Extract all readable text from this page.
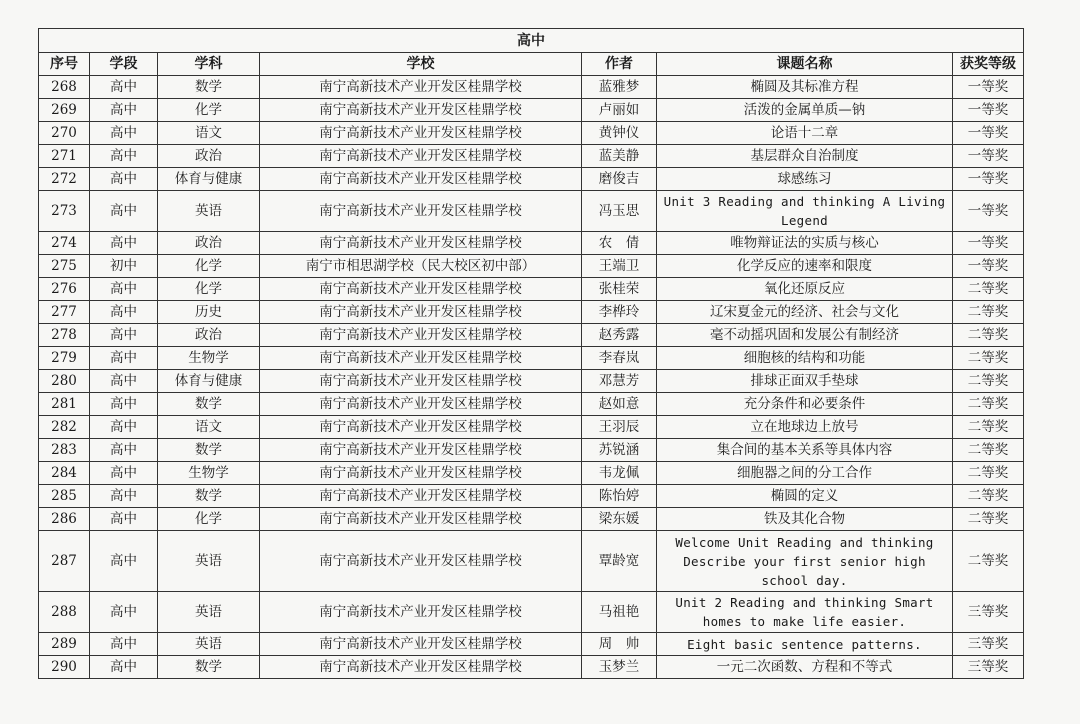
高中						
序号	学段	学科	学校	作者	课题名称	获奖等级
268	高中	数学	南宁高新技术产业开发区桂鼎学校	蓝雅梦	椭圆及其标准方程	一等奖
269	高中	化学	南宁高新技术产业开发区桂鼎学校	卢丽如	活泼的金属单质—钠	一等奖
270	高中	语文	南宁高新技术产业开发区桂鼎学校	黄钟仪	论语十二章	一等奖
271	高中	政治	南宁高新技术产业开发区桂鼎学校	蓝美静	基层群众自治制度	一等奖
272	高中	体育与健康	南宁高新技术产业开发区桂鼎学校	磨俊吉	球感练习	一等奖
273	高中	英语	南宁高新技术产业开发区桂鼎学校	冯玉思	Unit 3 Reading and thinking A Living Legend	一等奖
274	高中	政治	南宁高新技术产业开发区桂鼎学校	农　倩	唯物辩证法的实质与核心	一等奖
275	初中	化学	南宁市相思湖学校（民大校区初中部）	王端卫	化学反应的速率和限度	一等奖
276	高中	化学	南宁高新技术产业开发区桂鼎学校	张桂荣	氧化还原反应	二等奖
277	高中	历史	南宁高新技术产业开发区桂鼎学校	李桦玲	辽宋夏金元的经济、社会与文化	二等奖
278	高中	政治	南宁高新技术产业开发区桂鼎学校	赵秀露	毫不动摇巩固和发展公有制经济	二等奖
279	高中	生物学	南宁高新技术产业开发区桂鼎学校	李春岚	细胞核的结构和功能	二等奖
280	高中	体育与健康	南宁高新技术产业开发区桂鼎学校	邓慧芳	排球正面双手垫球	二等奖
281	高中	数学	南宁高新技术产业开发区桂鼎学校	赵如意	充分条件和必要条件	二等奖
282	高中	语文	南宁高新技术产业开发区桂鼎学校	王羽辰	立在地球边上放号	二等奖
283	高中	数学	南宁高新技术产业开发区桂鼎学校	苏锐涵	集合间的基本关系等具体内容	二等奖
284	高中	生物学	南宁高新技术产业开发区桂鼎学校	韦龙佩	细胞器之间的分工合作	二等奖
285	高中	数学	南宁高新技术产业开发区桂鼎学校	陈怡婷	椭圆的定义	二等奖
286	高中	化学	南宁高新技术产业开发区桂鼎学校	梁东媛	铁及其化合物	二等奖
287	高中	英语	南宁高新技术产业开发区桂鼎学校	覃龄宽	Welcome Unit Reading and thinking Describe your first senior high school day.	二等奖
288	高中	英语	南宁高新技术产业开发区桂鼎学校	马祖艳	Unit 2 Reading and thinking Smart homes to make life easier.	三等奖
289	高中	英语	南宁高新技术产业开发区桂鼎学校	周　帅	Eight basic sentence patterns.	三等奖
290	高中	数学	南宁高新技术产业开发区桂鼎学校	玉梦兰	一元二次函数、方程和不等式	三等奖
